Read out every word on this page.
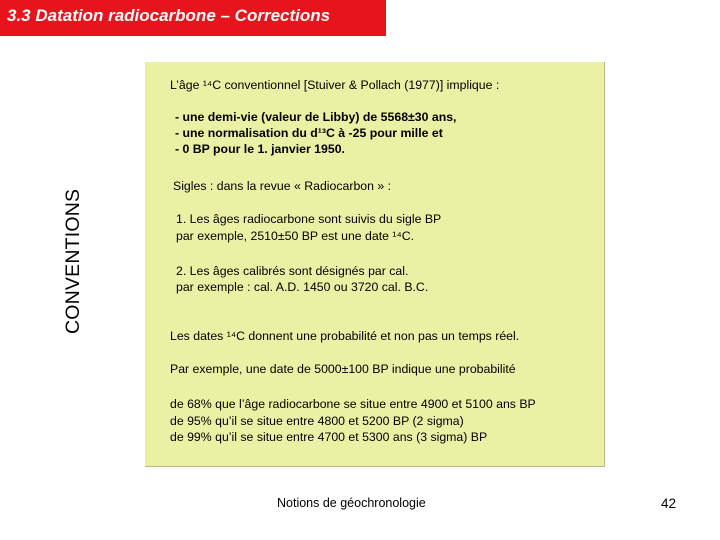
3.3 Datation radiocarbone – Corrections
CONVENTIONS
L’âge ¹⁴C conventionnel [Stuiver & Pollach (1977)] implique :
- une demi-vie (valeur de Libby) de 5568±30 ans,
- une normalisation du d¹³C à -25 pour mille et
- 0 BP pour le 1. janvier 1950.
Sigles : dans la revue « Radiocarbon » :
1. Les âges radiocarbone sont suivis du sigle BP
par exemple, 2510±50 BP est une date ¹⁴C.
2. Les âges calibrés sont désignés par cal.
par exemple : cal. A.D. 1450 ou 3720 cal. B.C.
Les dates ¹⁴C donnent une probabilité et non pas un temps réel.
Par exemple, une date de 5000±100 BP indique une probabilité
de 68% que l’âge radiocarbone se situe entre 4900 et 5100 ans BP
de 95% qu’il se situe entre 4800 et 5200 BP (2 sigma)
de 99% qu’il se situe entre 4700 et 5300 ans (3 sigma) BP
Notions de géochronologie	42
